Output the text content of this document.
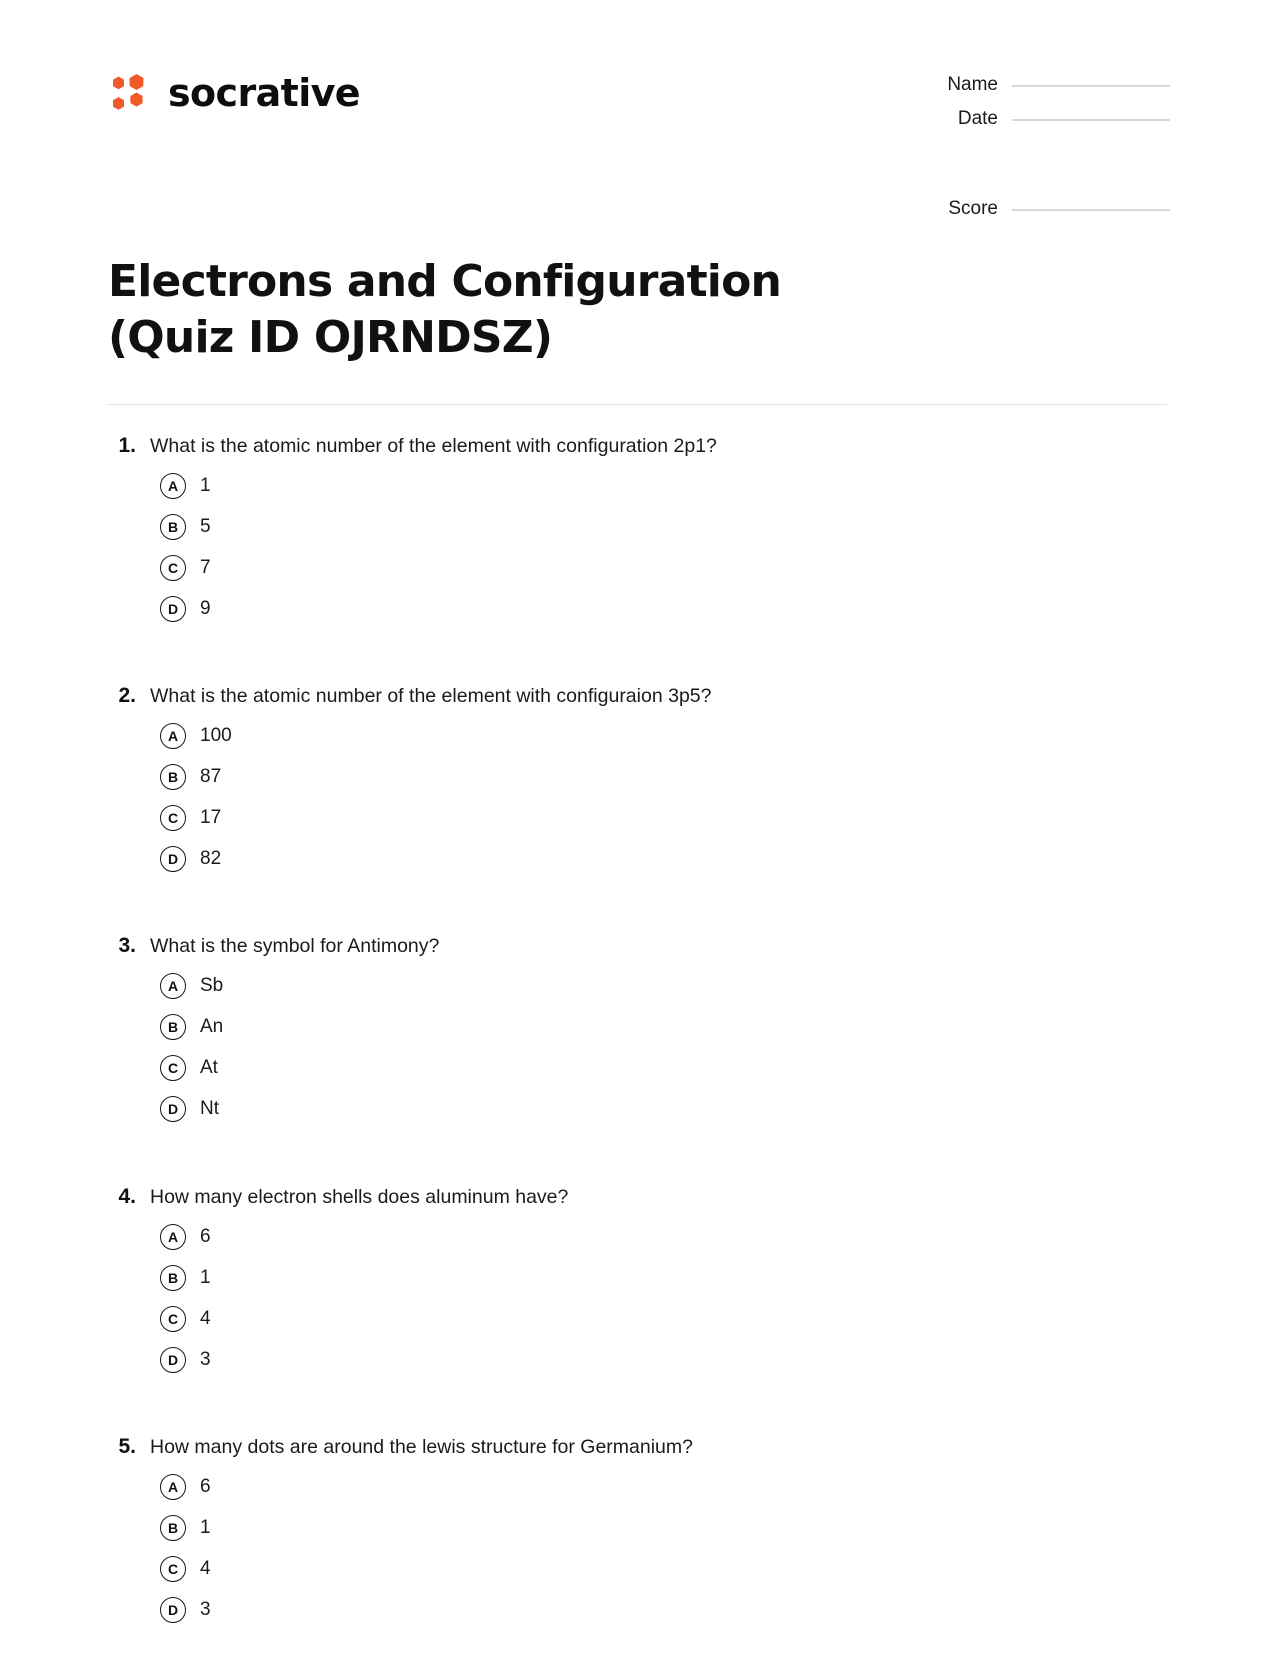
socrative	Name
Date
Score
Electrons and Configuration (Quiz ID OJRNDSZ)
1. What is the atomic number of the element with configuration 2p1?
A	1
B	5
C	7
D	9
2. What is the atomic number of the element with configuraion 3p5?
A	100
B	87
C	17
D	82
3. What is the symbol for Antimony?
A	Sb
B	An
C	At
D	Nt
4. How many electron shells does aluminum have?
A	6
B	1
C	4
D	3
5. How many dots are around the lewis structure for Germanium?
A	6
B	1
C	4
D	3
